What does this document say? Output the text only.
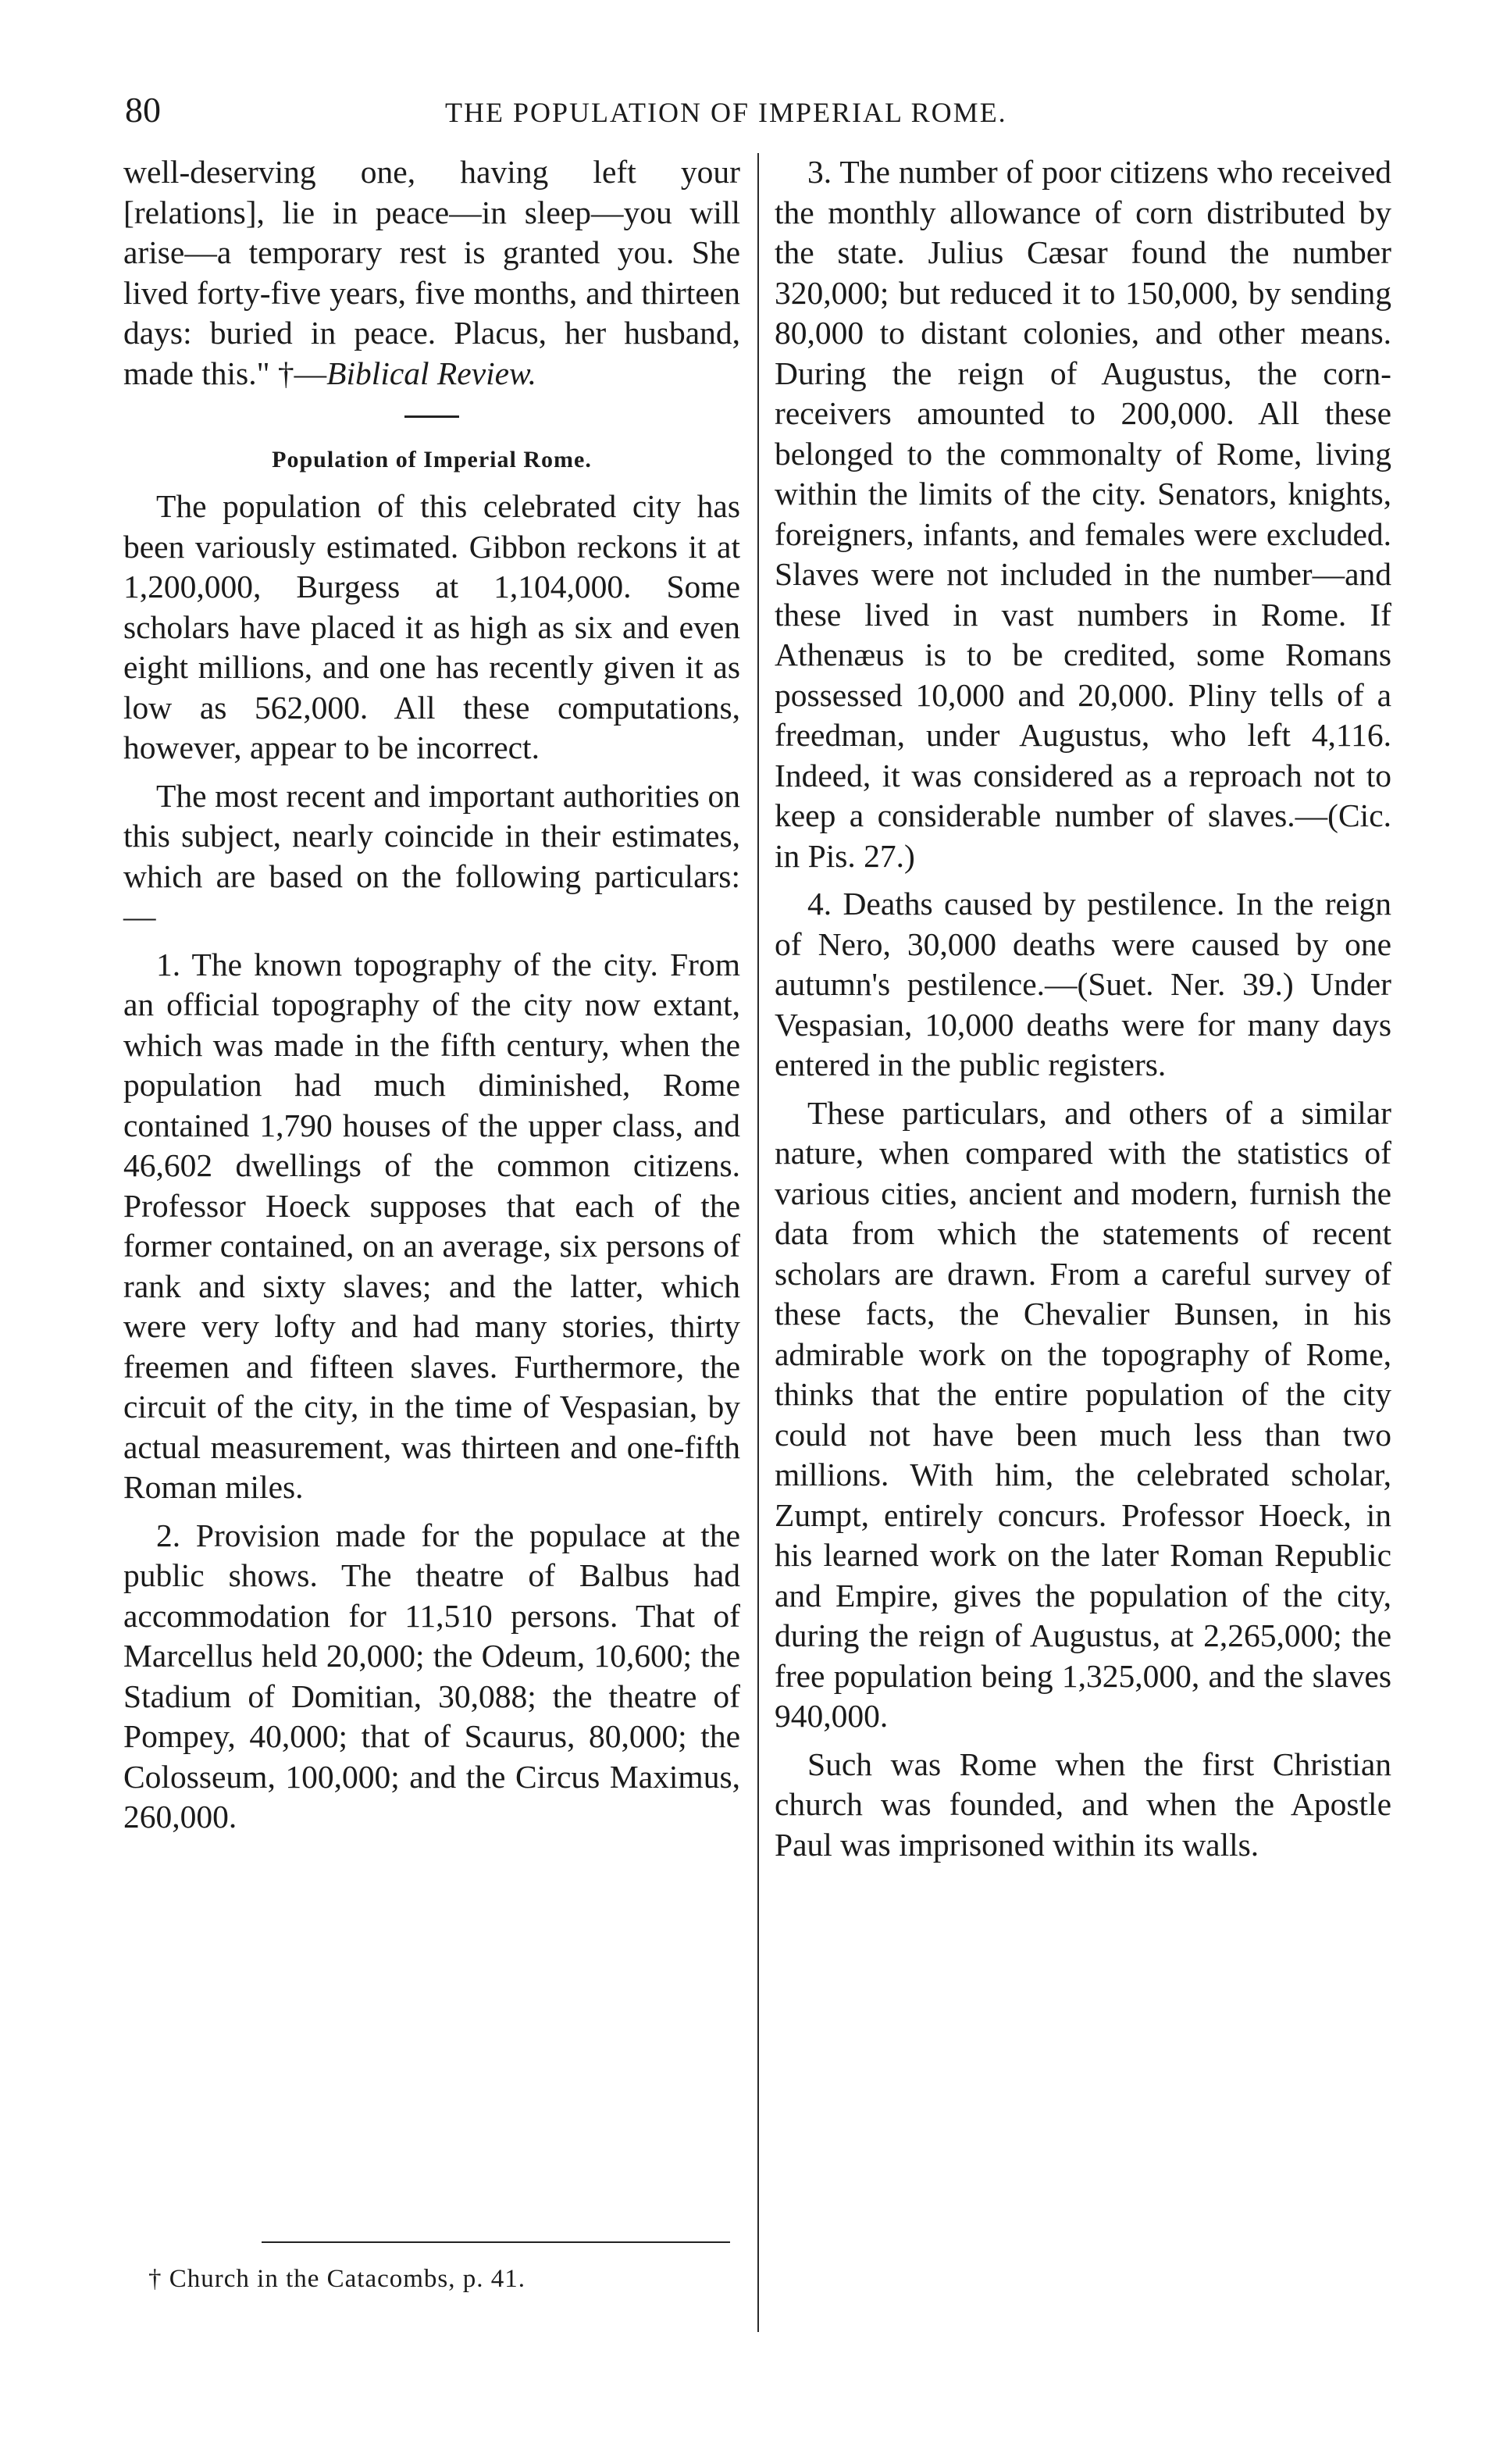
80	THE POPULATION OF IMPERIAL ROME.

well-deserving one, having left your [relations], lie in peace—in sleep—you will arise—a temporary rest is granted you. She lived forty-five years, five months, and thirteen days: buried in peace. Placus, her husband, made this." †—Biblical Review.

Population of Imperial Rome.

The population of this celebrated city has been variously estimated. Gibbon reckons it at 1,200,000, Burgess at 1,104,000. Some scholars have placed it as high as six and even eight millions, and one has recently given it as low as 562,000. All these computations, however, appear to be incorrect.

The most recent and important authorities on this subject, nearly coincide in their estimates, which are based on the following particulars:—

1. The known topography of the city. From an official topography of the city now extant, which was made in the fifth century, when the population had much diminished, Rome contained 1,790 houses of the upper class, and 46,602 dwellings of the common citizens. Professor Hoeck supposes that each of the former contained, on an average, six persons of rank and sixty slaves; and the latter, which were very lofty and had many stories, thirty freemen and fifteen slaves. Furthermore, the circuit of the city, in the time of Vespasian, by actual measurement, was thirteen and one-fifth Roman miles.

2. Provision made for the populace at the public shows. The theatre of Balbus had accommodation for 11,510 persons. That of Marcellus held 20,000; the Odeum, 10,600; the Stadium of Domitian, 30,088; the theatre of Pompey, 40,000; that of Scaurus, 80,000; the Colosseum, 100,000; and the Circus Maximus, 260,000.

3. The number of poor citizens who received the monthly allowance of corn distributed by the state. Julius Cæsar found the number 320,000; but reduced it to 150,000, by sending 80,000 to distant colonies, and other means. During the reign of Augustus, the corn-receivers amounted to 200,000. All these belonged to the commonalty of Rome, living within the limits of the city. Senators, knights, foreigners, infants, and females were excluded. Slaves were not included in the number—and these lived in vast numbers in Rome. If Athenæus is to be credited, some Romans possessed 10,000 and 20,000. Pliny tells of a freedman, under Augustus, who left 4,116. Indeed, it was considered as a reproach not to keep a considerable number of slaves.—(Cic. in Pis. 27.)

4. Deaths caused by pestilence. In the reign of Nero, 30,000 deaths were caused by one autumn's pestilence.—(Suet. Ner. 39.) Under Vespasian, 10,000 deaths were for many days entered in the public registers.

These particulars, and others of a similar nature, when compared with the statistics of various cities, ancient and modern, furnish the data from which the statements of recent scholars are drawn. From a careful survey of these facts, the Chevalier Bunsen, in his admirable work on the topography of Rome, thinks that the entire population of the city could not have been much less than two millions. With him, the celebrated scholar, Zumpt, entirely concurs. Professor Hoeck, in his learned work on the later Roman Republic and Empire, gives the population of the city, during the reign of Augustus, at 2,265,000; the free population being 1,325,000, and the slaves 940,000.

Such was Rome when the first Christian church was founded, and when the Apostle Paul was imprisoned within its walls.

† Church in the Catacombs, p. 41.
